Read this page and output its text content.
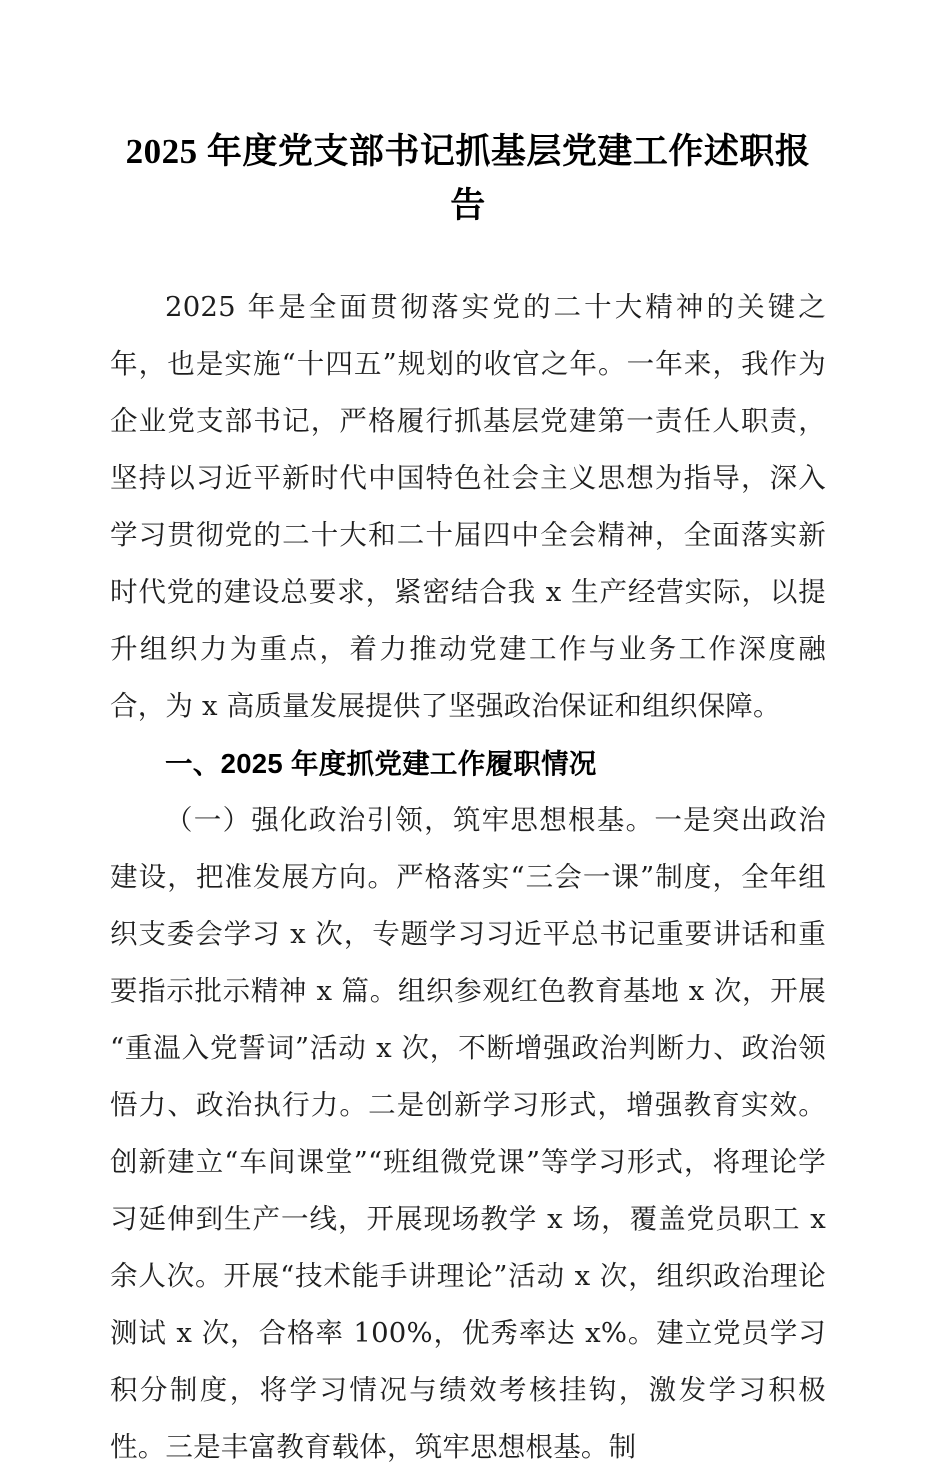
2025 年度党支部书记抓基层党建工作述职报告

2025 年是全面贯彻落实党的二十大精神的关键之年，也是实施“十四五”规划的收官之年。一年来，我作为企业党支部书记，严格履行抓基层党建第一责任人职责，坚持以习近平新时代中国特色社会主义思想为指导，深入学习贯彻党的二十大和二十届四中全会精神，全面落实新时代党的建设总要求，紧密结合我 x 生产经营实际，以提升组织力为重点，着力推动党建工作与业务工作深度融合，为 x 高质量发展提供了坚强政治保证和组织保障。

一、2025 年度抓党建工作履职情况

（一）强化政治引领，筑牢思想根基。一是突出政治建设，把准发展方向。严格落实“三会一课”制度，全年组织支委会学习 x 次，专题学习习近平总书记重要讲话和重要指示批示精神 x 篇。组织参观红色教育基地 x 次，开展“重温入党誓词”活动 x 次，不断增强政治判断力、政治领悟力、政治执行力。二是创新学习形式，增强教育实效。创新建立“车间课堂”“班组微党课”等学习形式，将理论学习延伸到生产一线，开展现场教学 x 场，覆盖党员职工 x 余人次。开展“技术能手讲理论”活动 x 次，组织政治理论测试 x 次，合格率 100%，优秀率达 x%。建立党员学习积分制度，将学习情况与绩效考核挂钩，激发学习积极性。三是丰富教育载体，筑牢思想根基。制
